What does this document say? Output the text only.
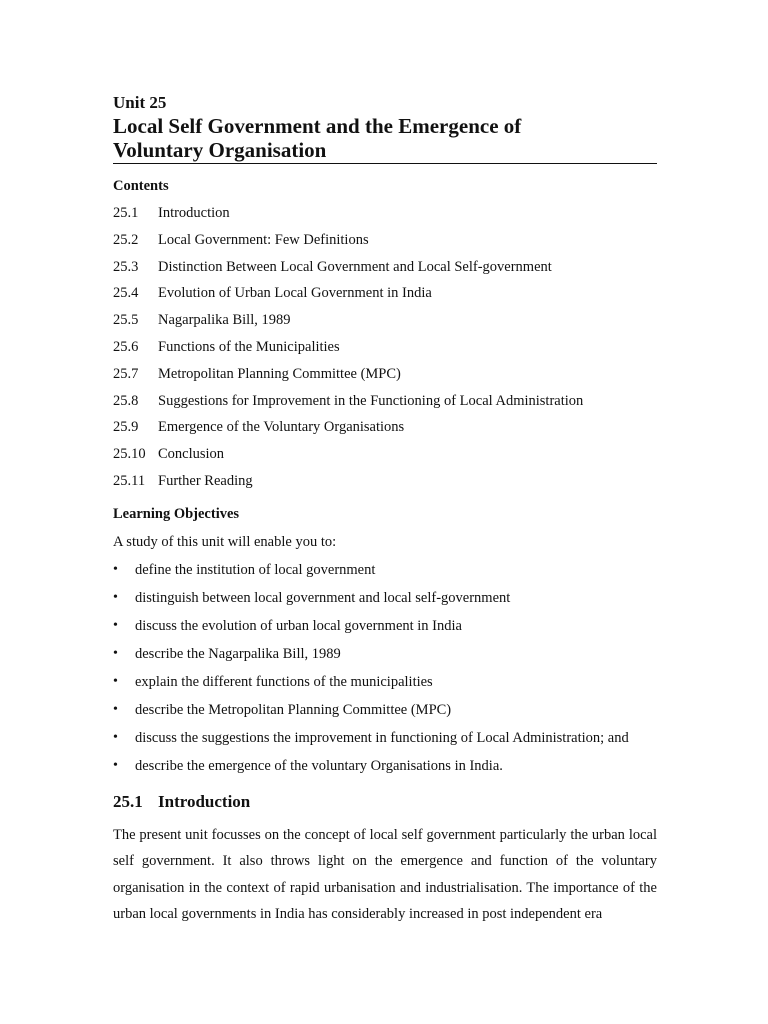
Unit 25

Local Self Government and the Emergence of
Voluntary Organisation

Contents

25.1	Introduction
25.2	Local Government: Few Definitions
25.3	Distinction Between Local Government and Local Self-government
25.4	Evolution of Urban Local Government in India
25.5	Nagarpalika Bill, 1989
25.6	Functions of the Municipalities
25.7	Metropolitan Planning Committee (MPC)
25.8	Suggestions for Improvement in the Functioning of Local Administration
25.9	Emergence of the Voluntary Organisations
25.10 Conclusion
25.11 Further Reading

Learning Objectives

A study of this unit will enable you to:

•	define the institution of local government
•	distinguish between local government and local self-government
•	discuss the evolution of urban local government in India
•	describe the Nagarpalika Bill, 1989
•	explain the different functions of the municipalities
•	describe the Metropolitan Planning Committee (MPC)
•	discuss the suggestions the improvement in functioning of Local Administration; and
•	describe the emergence of the voluntary Organisations in India.
25.1 Introduction

The present unit focusses on the concept of local self government particularly the urban local self government. It also throws light on the emergence and function of the voluntary organisation in the context of rapid urbanisation and industrialisation. The importance of the urban local governments in India has considerably increased in post independent era
